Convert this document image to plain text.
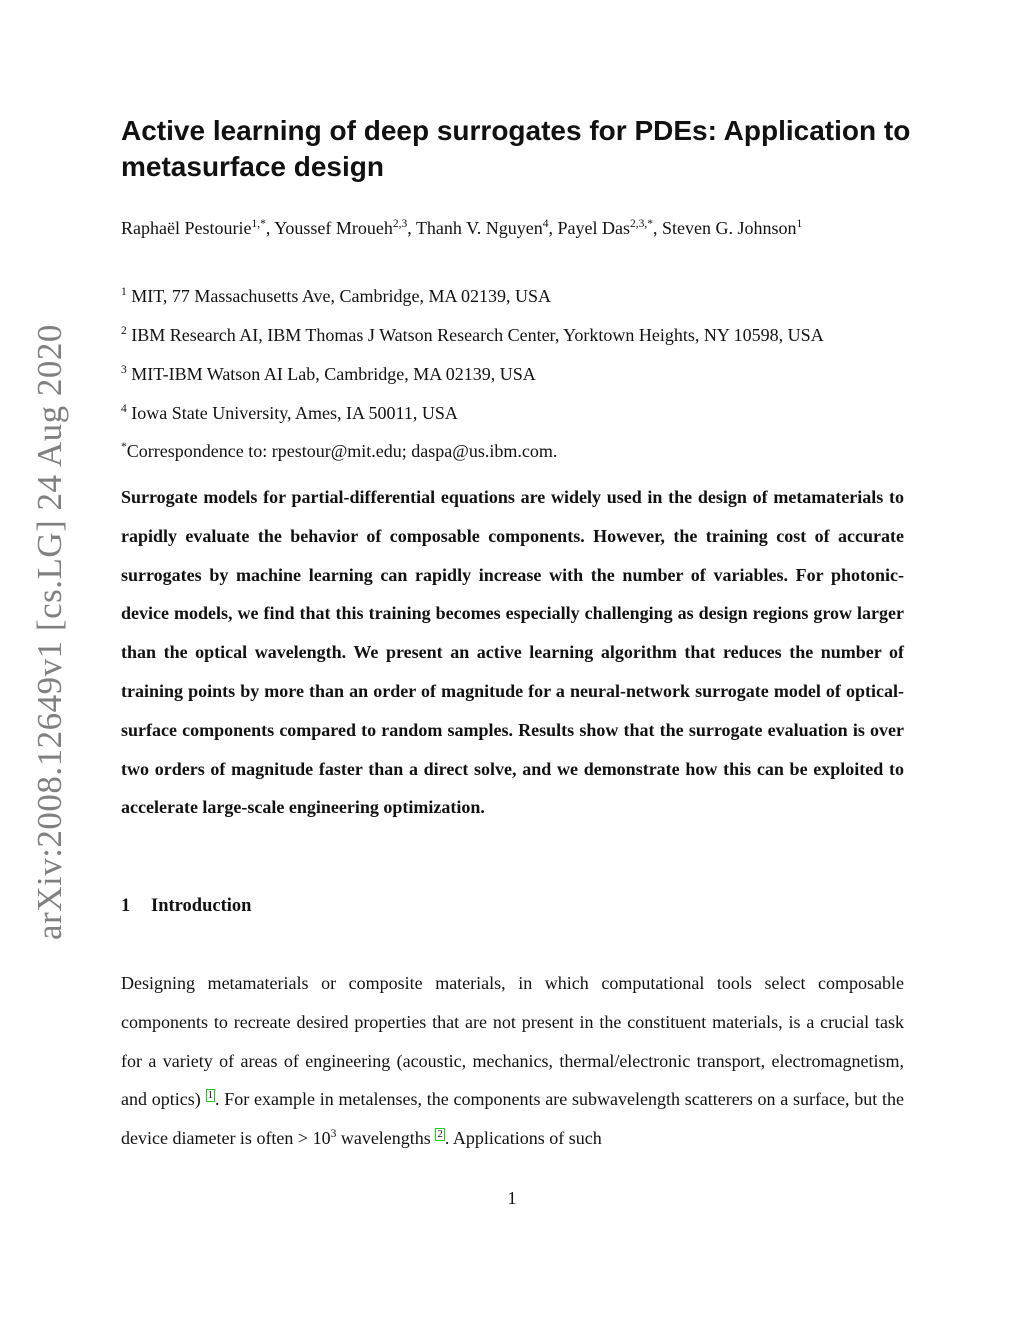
arXiv:2008.12649v1 [cs.LG] 24 Aug 2020
Active learning of deep surrogates for PDEs: Application to metasurface design
Raphaël Pestourie$^{1,*}$, Youssef Mroueh$^{2,3}$, Thanh V. Nguyen$^4$, Payel Das$^{2,3,*}$, Steven G. Johnson$^1$
$^1$ MIT, 77 Massachusetts Ave, Cambridge, MA 02139, USA
$^2$ IBM Research AI, IBM Thomas J Watson Research Center, Yorktown Heights, NY 10598, USA
$^3$ MIT-IBM Watson AI Lab, Cambridge, MA 02139, USA
$^4$ Iowa State University, Ames, IA 50011, USA
*Correspondence to: rpestour@mit.edu; daspa@us.ibm.com.

Surrogate models for partial-differential equations are widely used in the design of metamaterials to rapidly evaluate the behavior of composable components. However, the training cost of accurate surrogates by machine learning can rapidly increase with the number of variables. For photonic-device models, we find that this training becomes especially challenging as design regions grow larger than the optical wavelength. We present an active learning algorithm that reduces the number of training points by more than an order of magnitude for a neural-network surrogate model of optical-surface components compared to random samples. Results show that the surrogate evaluation is over two orders of magnitude faster than a direct solve, and we demonstrate how this can be exploited to accelerate large-scale engineering optimization.

1 Introduction

Designing metamaterials or composite materials, in which computational tools select composable components to recreate desired properties that are not present in the constituent materials, is a crucial task for a variety of areas of engineering (acoustic, mechanics, thermal/electronic transport, electromagnetism, and optics) 1 . For example in metalenses, the components are subwavelength scatterers on a surface, but the device diameter is often > $10^3$ wavelengths 2 . Applications of such

1
